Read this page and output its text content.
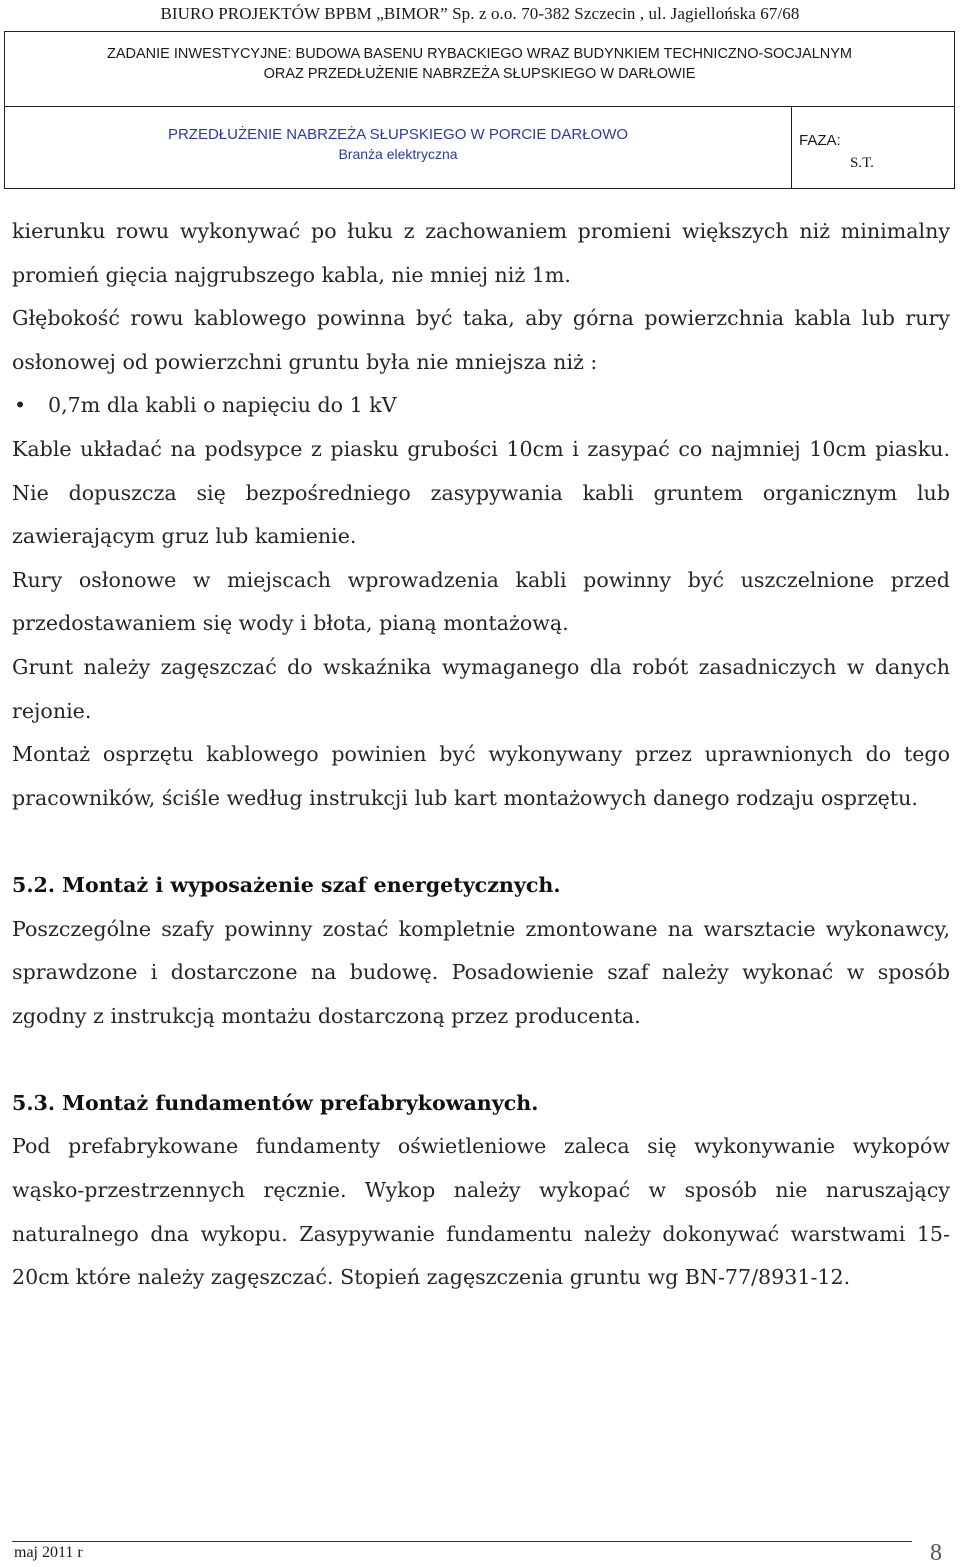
BIURO PROJEKTÓW BPBM „BIMOR” Sp. z o.o. 70-382 Szczecin , ul. Jagiellońska 67/68
ZADANIE INWESTYCYJNE: BUDOWA BASENU RYBACKIEGO WRAZ BUDYNKIEM TECHNICZNO-SOCJALNYM
ORAZ PRZEDŁUŻENIE NABRZEŻA SŁUPSKIEGO W DARŁOWIE
PRZEDŁUŻENIE NABRZEŻA SŁUPSKIEGO W PORCIE DARŁOWO
Branża elektryczna
FAZA:
S.T.

kierunku rowu wykonywać po łuku z zachowaniem promieni większych niż minimalny promień gięcia najgrubszego kabla, nie mniej niż 1m.

Głębokość rowu kablowego powinna być taka, aby górna powierzchnia kabla lub rury osłonowej od powierzchni gruntu była nie mniejsza niż :

• 0,7m dla kabli o napięciu do 1 kV

Kable układać na podsypce z piasku grubości 10cm i zasypać co najmniej 10cm piasku. Nie dopuszcza się bezpośredniego zasypywania kabli gruntem organicznym lub zawierającym gruz lub kamienie.

Rury osłonowe w miejscach wprowadzenia kabli powinny być uszczelnione przed przedostawaniem się wody i błota, pianą montażową.

Grunt należy zagęszczać do wskaźnika wymaganego dla robót zasadniczych w danych rejonie.

Montaż osprzętu kablowego powinien być wykonywany przez uprawnionych do tego pracowników, ściśle według instrukcji lub kart montażowych danego rodzaju osprzętu.

5.2. Montaż i wyposażenie szaf energetycznych.

Poszczególne szafy powinny zostać kompletnie zmontowane na warsztacie wykonawcy, sprawdzone i dostarczone na budowę. Posadowienie szaf należy wykonać w sposób zgodny z instrukcją montażu dostarczoną przez producenta.

5.3. Montaż fundamentów prefabrykowanych.

Pod prefabrykowane fundamenty oświetleniowe zaleca się wykonywanie wykopów wąsko-przestrzennych ręcznie. Wykop należy wykopać w sposób nie naruszający naturalnego dna wykopu. Zasypywanie fundamentu należy dokonywać warstwami 15-20cm które należy zagęszczać. Stopień zagęszczenia gruntu wg BN-77/8931-12.

maj 2011 r	8
